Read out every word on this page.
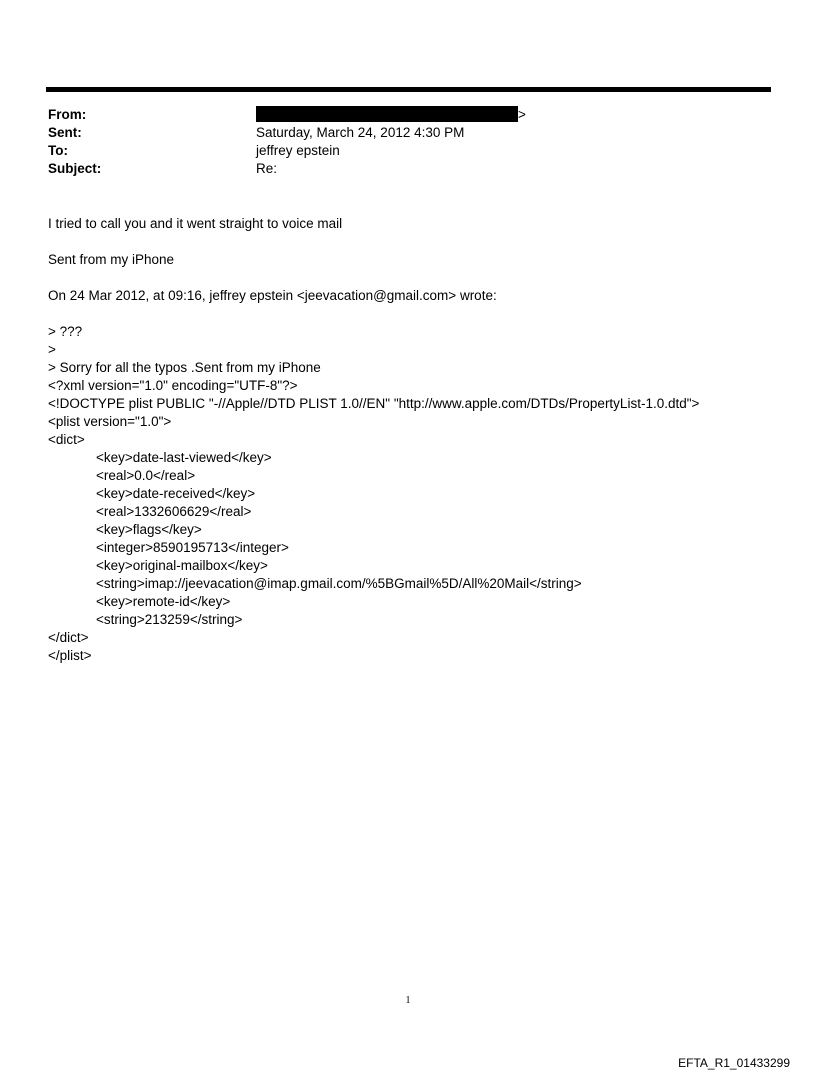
From:	>
Sent:	Saturday, March 24, 2012 4:30 PM
To:	jeffrey epstein
Subject:	Re:
I tried to call you and it went straight to voice mail
Sent from my iPhone
On 24 Mar 2012, at 09:16, jeffrey epstein <jeevacation@gmail.com> wrote:
> ???
>
> Sorry for all the typos .Sent from my iPhone
<?xml version="1.0" encoding="UTF-8"?>
<!DOCTYPE plist PUBLIC "-//Apple//DTD PLIST 1.0//EN" "http://www.apple.com/DTDs/PropertyList-1.0.dtd">
<plist version="1.0">
<dict>
<key>date-last-viewed</key>
<real>0.0</real>
<key>date-received</key>
<real>1332606629</real>
<key>flags</key>
<integer>8590195713</integer>
<key>original-mailbox</key>
<string>imap://jeevacation@imap.gmail.com/%5BGmail%5D/All%20Mail</string>
<key>remote-id</key>
<string>213259</string>
</dict>
</plist>
1
EFTA_R1_01433299
